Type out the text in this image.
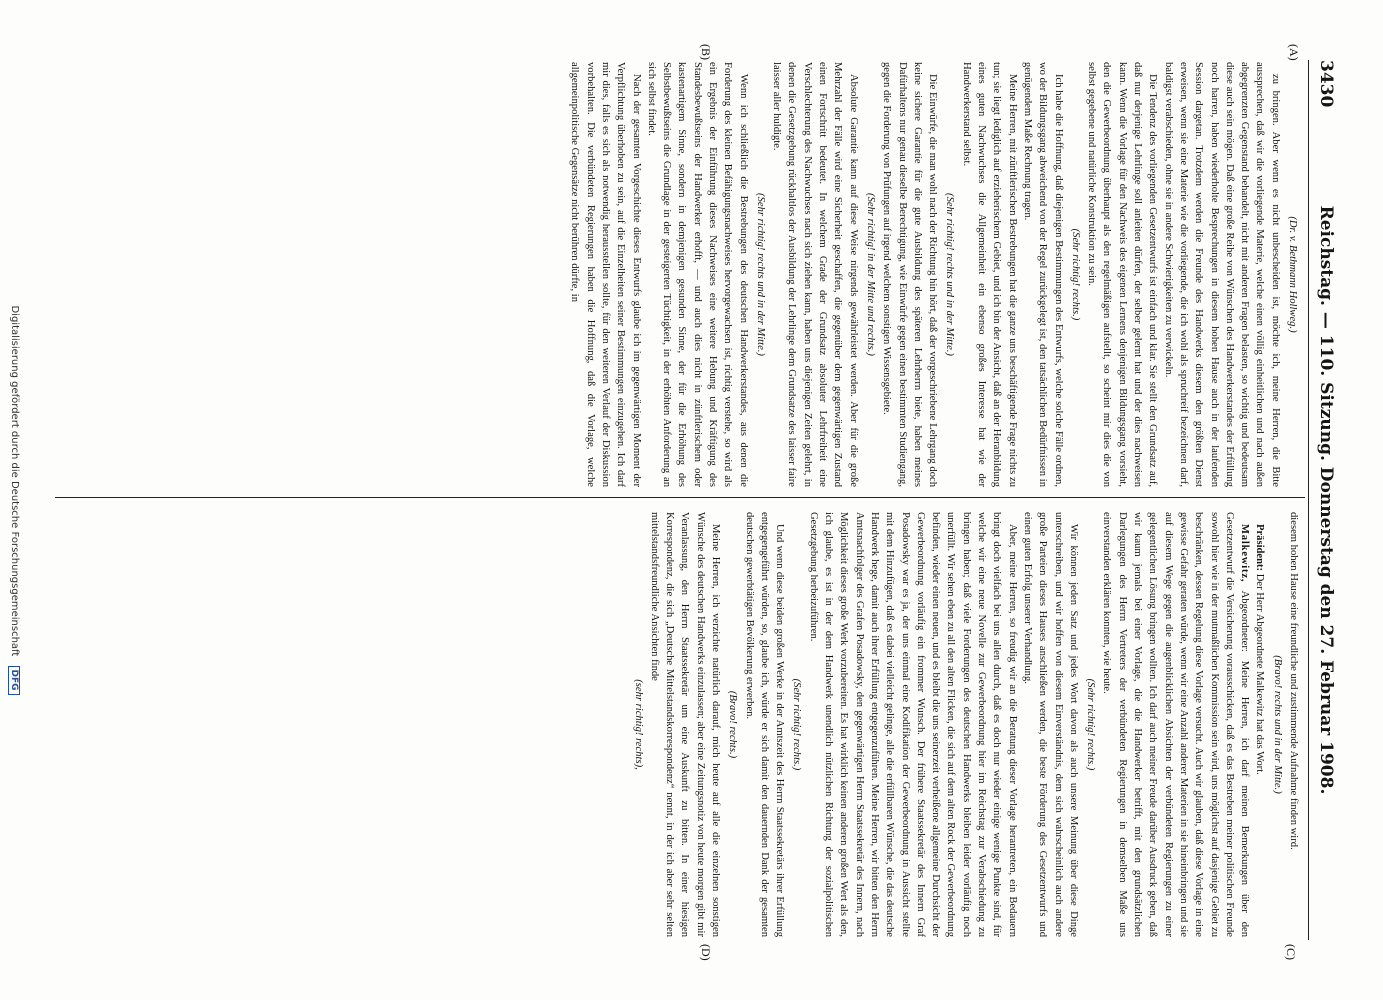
3430
Reichstag. — 110. Sitzung. Donnerstag den 27. Februar 1908.
(A)
(B)
(C)
(D)

(Dr. v. Bethmann Hollweg.)

zu bringen. Aber wenn es nicht unbescheiden ist, möchte ich, meine Herren, die Bitte aussprechen, daß wir die vorliegende Materie, welche einen völlig einheitlichen und nach außen abgegrenzten Gegenstand behandelt, nicht mit anderen Fragen belasten, so wichtig und bedeutsam diese auch sein mögen. Daß eine große Reihe von Wünschen des Handwerkerstandes der Erfüllung noch harren, haben wiederholte Besprechungen in diesem hohen Hause auch in der laufenden Session dargetan. Trotzdem werden die Freunde des Handwerks diesem den größten Dienst erweisen, wenn sie eine Materie wie die vorliegende, die ich wohl als spruchreif bezeichnen darf, baldigst verabschieden, ohne sie in andere Schwierigkeiten zu verwickeln.

Die Tendenz des vorliegenden Gesetzentwurfs ist einfach und klar. Sie stellt den Grundsatz auf, daß nur derjenige Lehrlinge soll anleiten dürfen, der selber gelernt hat und der dies nachweisen kann. Wenn die Vorlage für den Nachweis des eigenen Lernens denjenigen Bildungsgang vorsieht, den die Gewerbeordnung überhaupt als den regelmäßigen aufstellt, so scheint mir dies die von selbst gegebene und natürliche Konstruktion zu sein.

(Sehr richtig! rechts.)

Ich habe die Hoffnung, daß diejenigen Bestimmungen des Entwurfs, welche solche Fälle ordnen, wo der Bildungsgang abweichend von der Regel zurückgelegt ist, den tatsächlichen Bedürfnissen in genügendem Maße Rechnung tragen.

Meine Herren, mit zünftlerischen Bestrebungen hat die ganze uns beschäftigende Frage nichts zu tun; sie liegt lediglich auf erzieherischem Gebiet, und ich bin der Ansicht, daß an der Heranbildung eines guten Nachwuchses die Allgemeinheit ein ebenso großes Interesse hat wie der Handwerkerstand selbst.

(Sehr richtig! rechts und in der Mitte.)

Die Einwürfe, die man wohl nach der Richtung hin hört, daß der vorgeschriebene Lehrgang doch keine sichere Garantie für die gute Ausbildung des späteren Lehrherrn biete, haben meines Dafürhaltens nur genau dieselbe Berechtigung, wie Einwürfe gegen einen bestimmten Studiengang, gegen die Forderung von Prüfungen auf irgend welchem sonstigen Wissensgebiete.

(Sehr richtig! in der Mitte und rechts.)

Absolute Garantie kann auf diese Weise nirgends gewährleistet werden. Aber für die große Mehrzahl der Fälle wird eine Sicherheit geschaffen, die gegenüber dem gegenwärtigen Zustand einen Fortschritt bedeutet. In welchem Grade der Grundsatz absoluter Lehrfreiheit eine Verschlechterung des Nachwuchses nach sich ziehen kann, haben uns diejenigen Zeiten gelehrt, in denen die Gesetzgebung rückhaltlos der Ausbildung der Lehrlinge dem Grundsatze des laisser faire laisser aller huldigte.

(Sehr richtig! rechts und in der Mitte.)

Wenn ich schließlich die Bestrebungen des deutschen Handwerkerstandes, aus denen die Forderung des kleinen Befähigungsnachweises hervorgewachsen ist, richtig verstehe, so wird als ein Ergebnis der Einführung dieses Nachweises eine weitere Hebung und Kräftigung des Standesbewußtseins der Handwerker erhofft, — und auch dies nicht in zünftlerischem oder kastenartigem Sinne, sondern in demjenigen gesunden Sinne, der für die Erhöhung des Selbstbewußtseins die Grundlage in der gesteigerten Tüchtigkeit, in der erhöhten Anforderung an sich selbst findet.

Nach der gesamten Vorgeschichte dieses Entwurfs glaube ich im gegenwärtigen Moment der Verpflichtung überhoben zu sein, auf die Einzelheiten seiner Bestimmungen einzugehen. Ich darf mir dies, falls es sich als notwendig herausstellen sollte, für den weiteren Verlauf der Diskussion vorbehalten. Die verbündeten Regierungen haben die Hoffnung, daß die Vorlage, welche allgemeinpolitische Gegensätze nicht berühren dürfte, in

diesem hohen Hause eine freundliche und zustimmende Aufnahme finden wird.

(Bravo! rechts und in der Mitte.)

Präsident: Der Herr Abgeordnete Malkewitz hat das Wort.

Malkewitz, Abgeordneter: Meine Herren, ich darf meinen Bemerkungen über den Gesetzentwurf die Versicherung vorausschicken, daß es das Bestreben meiner politischen Freunde sowohl hier wie in der mutmaßlichen Kommission sein wird, uns möglichst auf dasjenige Gebiet zu beschränken, dessen Regelung diese Vorlage versucht. Auch wir glauben, daß diese Vorlage in eine gewisse Gefahr geraten würde, wenn wir eine Anzahl anderer Materien in sie hineinbringen und sie auf diesem Wege gegen die augenblicklichen Absichten der verbündeten Regierungen zu einer gelegentlichen Lösung bringen wollten. Ich darf auch meiner Freude darüber Ausdruck geben, daß wir kaum jemals bei einer Vorlage, die die Handwerker betrifft, mit den grundsätzlichen Darlegungen des Herrn Vertreters der verbündeten Regierungen in demselben Maße uns einverstanden erklären konnten, wie heute.

(Sehr richtig! rechts.)

Wir können jeden Satz und jedes Wort davon als auch unsere Meinung über diese Dinge unterschreiben, und wir hoffen von diesem Einverständnis, dem sich wahrscheinlich auch andere große Parteien dieses Hauses anschließen werden, die beste Förderung des Gesetzentwurfs und einen guten Erfolg unserer Verhandlung.

Aber, meine Herren, so freudig wir an die Beratung dieser Vorlage herantreten, ein Bedauern bringt doch vielfach bei uns allen durch, daß es doch nur wieder einige wenige Punkte sind, für welche wir eine neue Novelle zur Gewerbeordnung hier im Reichstag zur Verabschiedung zu bringen haben; daß viele Forderungen des deutschen Handwerks bleiben leider vorläufig noch unerfüllt. Wir sehen eben zu all den alten Flicken, die sich auf dem alten Rock der Gewerbeordnung befinden, wieder einen neuen, und es bleibt die uns seinerzeit verheißene allgemeine Durchsicht der Gewerbeordnung vorläufig ein frommer Wunsch. Der frühere Staatssekretär des Innern Graf Posadowsky war es ja, der uns einmal eine Kodifikation der Gewerbeordnung in Aussicht stellte mit dem Hinzufügen, daß es dabei vielleicht gelinge, alle die erfüllbaren Wünsche, die das deutsche Handwerk hege, damit auch ihrer Erfüllung entgegenzuführen. Meine Herren, wir bitten den Herrn Amtsnachfolger des Grafen Posadowsky, den gegenwärtigen Herrn Staatssekretär des Innern, nach Möglichkeit dieses große Werk vorzubereiten. Es hat wirklich keinen anderen großen Wert als den, ich glaube, es ist in der dem Handwerk unendlich nützlichen Richtung der sozialpolitischen Gesetzgebung herbeizuführen.

(Sehr richtig! rechts.)

Und wenn diese beiden großen Werke in der Amtszeit des Herrn Staatssekretärs ihrer Erfüllung entgegengeführt würden, so, glaube ich, würde er sich damit den dauernden Dank der gesamten deutschen gewerbtätigen Bevölkerung erwerben.

(Bravo! rechts.)

Meine Herren, ich verzichte natürlich darauf, mich heute auf alle die einzelnen sonstigen Wünsche des deutschen Handwerks einzulassen; aber eine Zeitungsnotiz von heute morgen gibt mir Veranlassung, den Herrn Staatssekretär um eine Auskunft zu bitten. In einer hiesigen Korrespondenz, die sich „Deutsche Mittelstandskorrespondenz“ nennt, in der ich aber sehr selten mittelstandsfreundliche Ansichten finde

(sehr richtig! rechts),

Digitalisierung gefördert durch die Deutsche Forschungsgemeinschaft DFG
